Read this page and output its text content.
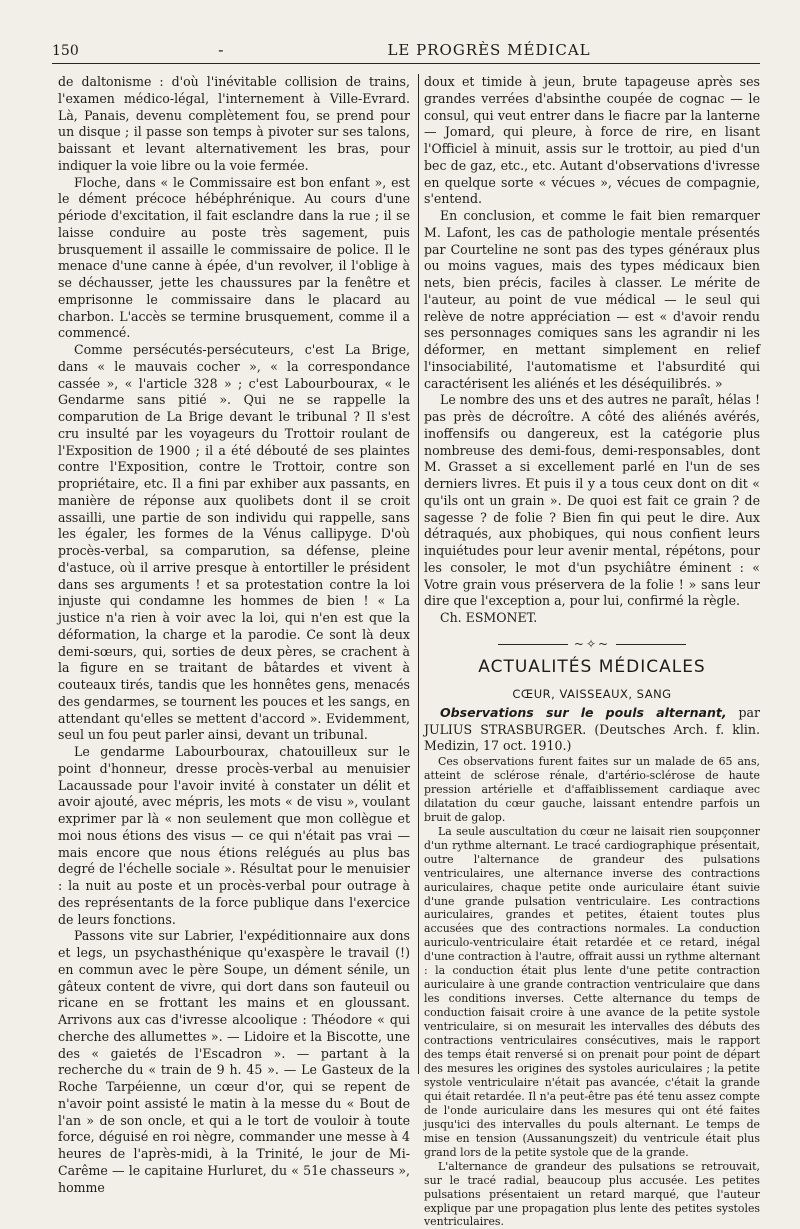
150	-	LE PROGRÈS MÉDICAL

de daltonisme : d'où l'inévitable collision de trains, l'examen médico-légal, l'internement à Ville-Evrard. Là, Panais, devenu complètement fou, se prend pour un disque ; il passe son temps à pivoter sur ses talons, baissant et levant alternativement les bras, pour indiquer la voie libre ou la voie fermée.

Floche, dans « le Commissaire est bon enfant », est le dément précoce hébéphrénique. Au cours d'une période d'excitation, il fait esclandre dans la rue ; il se laisse conduire au poste très sagement, puis brusquement il assaille le commissaire de police. Il le menace d'une canne à épée, d'un revolver, il l'oblige à se déchausser, jette les chaussures par la fenêtre et emprisonne le commissaire dans le placard au charbon. L'accès se termine brusquement, comme il a commencé.

Comme persécutés-persécuteurs, c'est La Brige, dans « le mauvais cocher », « la correspondance cassée », « l'article 328 » ; c'est Labourbourax, « le Gendarme sans pitié ». Qui ne se rappelle la comparution de La Brige devant le tribunal ? Il s'est cru insulté par les voyageurs du Trottoir roulant de l'Exposition de 1900 ; il a été débouté de ses plaintes contre l'Exposition, contre le Trottoir, contre son propriétaire, etc. Il a fini par exhiber aux passants, en manière de réponse aux quolibets dont il se croit assailli, une partie de son individu qui rappelle, sans les égaler, les formes de la Vénus callipyge. D'où procès-verbal, sa comparution, sa défense, pleine d'astuce, où il arrive presque à entortiller le président dans ses arguments ! et sa protestation contre la loi injuste qui condamne les hommes de bien ! « La justice n'a rien à voir avec la loi, qui n'en est que la déformation, la charge et la parodie. Ce sont là deux demi-sœurs, qui, sorties de deux pères, se crachent à la figure en se traitant de bâtardes et vivent à couteaux tirés, tandis que les honnêtes gens, menacés des gendarmes, se tournent les pouces et les sangs, en attendant qu'elles se mettent d'accord ». Evidemment, seul un fou peut parler ainsi, devant un tribunal.

Le gendarme Labourbourax, chatouilleux sur le point d'honneur, dresse procès-verbal au menuisier Lacaussade pour l'avoir invité à constater un délit et avoir ajouté, avec mépris, les mots « de visu », voulant exprimer par là « non seulement que mon collègue et moi nous étions des visus — ce qui n'était pas vrai — mais encore que nous étions relégués au plus bas degré de l'échelle sociale ». Résultat pour le menuisier : la nuit au poste et un procès-verbal pour outrage à des représentants de la force publique dans l'exercice de leurs fonctions.

Passons vite sur Labrier, l'expéditionnaire aux dons et legs, un psychasthénique qu'exaspère le travail (!) en commun avec le père Soupe, un dément sénile, un gâteux content de vivre, qui dort dans son fauteuil ou ricane en se frottant les mains et en gloussant. Arrivons aux cas d'ivresse alcoolique : Théodore « qui cherche des allumettes ». — Lidoire et la Biscotte, une des « gaietés de l'Escadron ». — partant à la recherche du « train de 9 h. 45 ». — Le Gasteux de la Roche Tarpéienne, un cœur d'or, qui se repent de n'avoir point assisté le matin à la messe du « Bout de l'an » de son oncle, et qui a le tort de vouloir à toute force, déguisé en roi nègre, commander une messe à 4 heures de l'après-midi, à la Trinité, le jour de Mi-Carême — le capitaine Hurluret, du « 51e chasseurs », homme

doux et timide à jeun, brute tapageuse après ses grandes verrées d'absinthe coupée de cognac — le consul, qui veut entrer dans le fiacre par la lanterne — Jomard, qui pleure, à force de rire, en lisant l'Officiel à minuit, assis sur le trottoir, au pied d'un bec de gaz, etc., etc. Autant d'observations d'ivresse en quelque sorte « vécues », vécues de compagnie, s'entend.

En conclusion, et comme le fait bien remarquer M. Lafont, les cas de pathologie mentale présentés par Courteline ne sont pas des types généraux plus ou moins vagues, mais des types médicaux bien nets, bien précis, faciles à classer. Le mérite de l'auteur, au point de vue médical — le seul qui relève de notre appréciation — est « d'avoir rendu ses personnages comiques sans les agrandir ni les déformer, en mettant simplement en relief l'insociabilité, l'automatisme et l'absurdité qui caractérisent les aliénés et les déséquilibrés. »

Le nombre des uns et des autres ne paraît, hélas ! pas près de décroître. A côté des aliénés avérés, inoffensifs ou dangereux, est la catégorie plus nombreuse des demi-fous, demi-responsables, dont M. Grasset a si excellement parlé en l'un de ses derniers livres. Et puis il y a tous ceux dont on dit « qu'ils ont un grain ». De quoi est fait ce grain ? de sagesse ? de folie ? Bien fin qui peut le dire. Aux détraqués, aux phobiques, qui nous confient leurs inquiétudes pour leur avenir mental, répétons, pour les consoler, le mot d'un psychiâtre éminent : « Votre grain vous préservera de la folie ! » sans leur dire que l'exception a, pour lui, confirmé la règle.

Ch. ESMONET.

~✧~
ACTUALITÉS MÉDICALES
CŒUR, VAISSEAUX, SANG

Observations sur le pouls alternant, par JULIUS STRASBURGER. (Deutsches Arch. f. klin. Medizin, 17 oct. 1910.)

Ces observations furent faites sur un malade de 65 ans, atteint de sclérose rénale, d'artério-sclérose de haute pression artérielle et d'affaiblissement cardiaque avec dilatation du cœur gauche, laissant entendre parfois un bruit de galop.

La seule auscultation du cœur ne laisait rien soupçonner d'un rythme alternant. Le tracé cardiographique présentait, outre l'alternance de grandeur des pulsations ventriculaires, une alternance inverse des contractions auriculaires, chaque petite onde auriculaire étant suivie d'une grande pulsation ventriculaire. Les contractions auriculaires, grandes et petites, étaient toutes plus accusées que des contractions normales. La conduction auriculo-ventriculaire était retardée et ce retard, inégal d'une contraction à l'autre, offrait aussi un rythme alternant : la conduction était plus lente d'une petite contraction auriculaire à une grande contraction ventriculaire que dans les conditions inverses. Cette alternance du temps de conduction faisait croire à une avance de la petite systole ventriculaire, si on mesurait les intervalles des débuts des contractions ventriculaires consécutives, mais le rapport des temps était renversé si on prenait pour point de départ des mesures les origines des systoles auriculaires ; la petite systole ventriculaire n'était pas avancée, c'était la grande qui était retardée. Il n'a peut-être pas été tenu assez compte de l'onde auriculaire dans les mesures qui ont été faites jusqu'ici des intervalles du pouls alternant. Le temps de mise en tension (Aussanungszeit) du ventricule était plus grand lors de la petite systole que de la grande.

L'alternance de grandeur des pulsations se retrouvait, sur le tracé radial, beaucoup plus accusée. Les petites pulsations présentaient un retard marqué, que l'auteur explique par une propagation plus lente des petites systoles ventriculaires.
